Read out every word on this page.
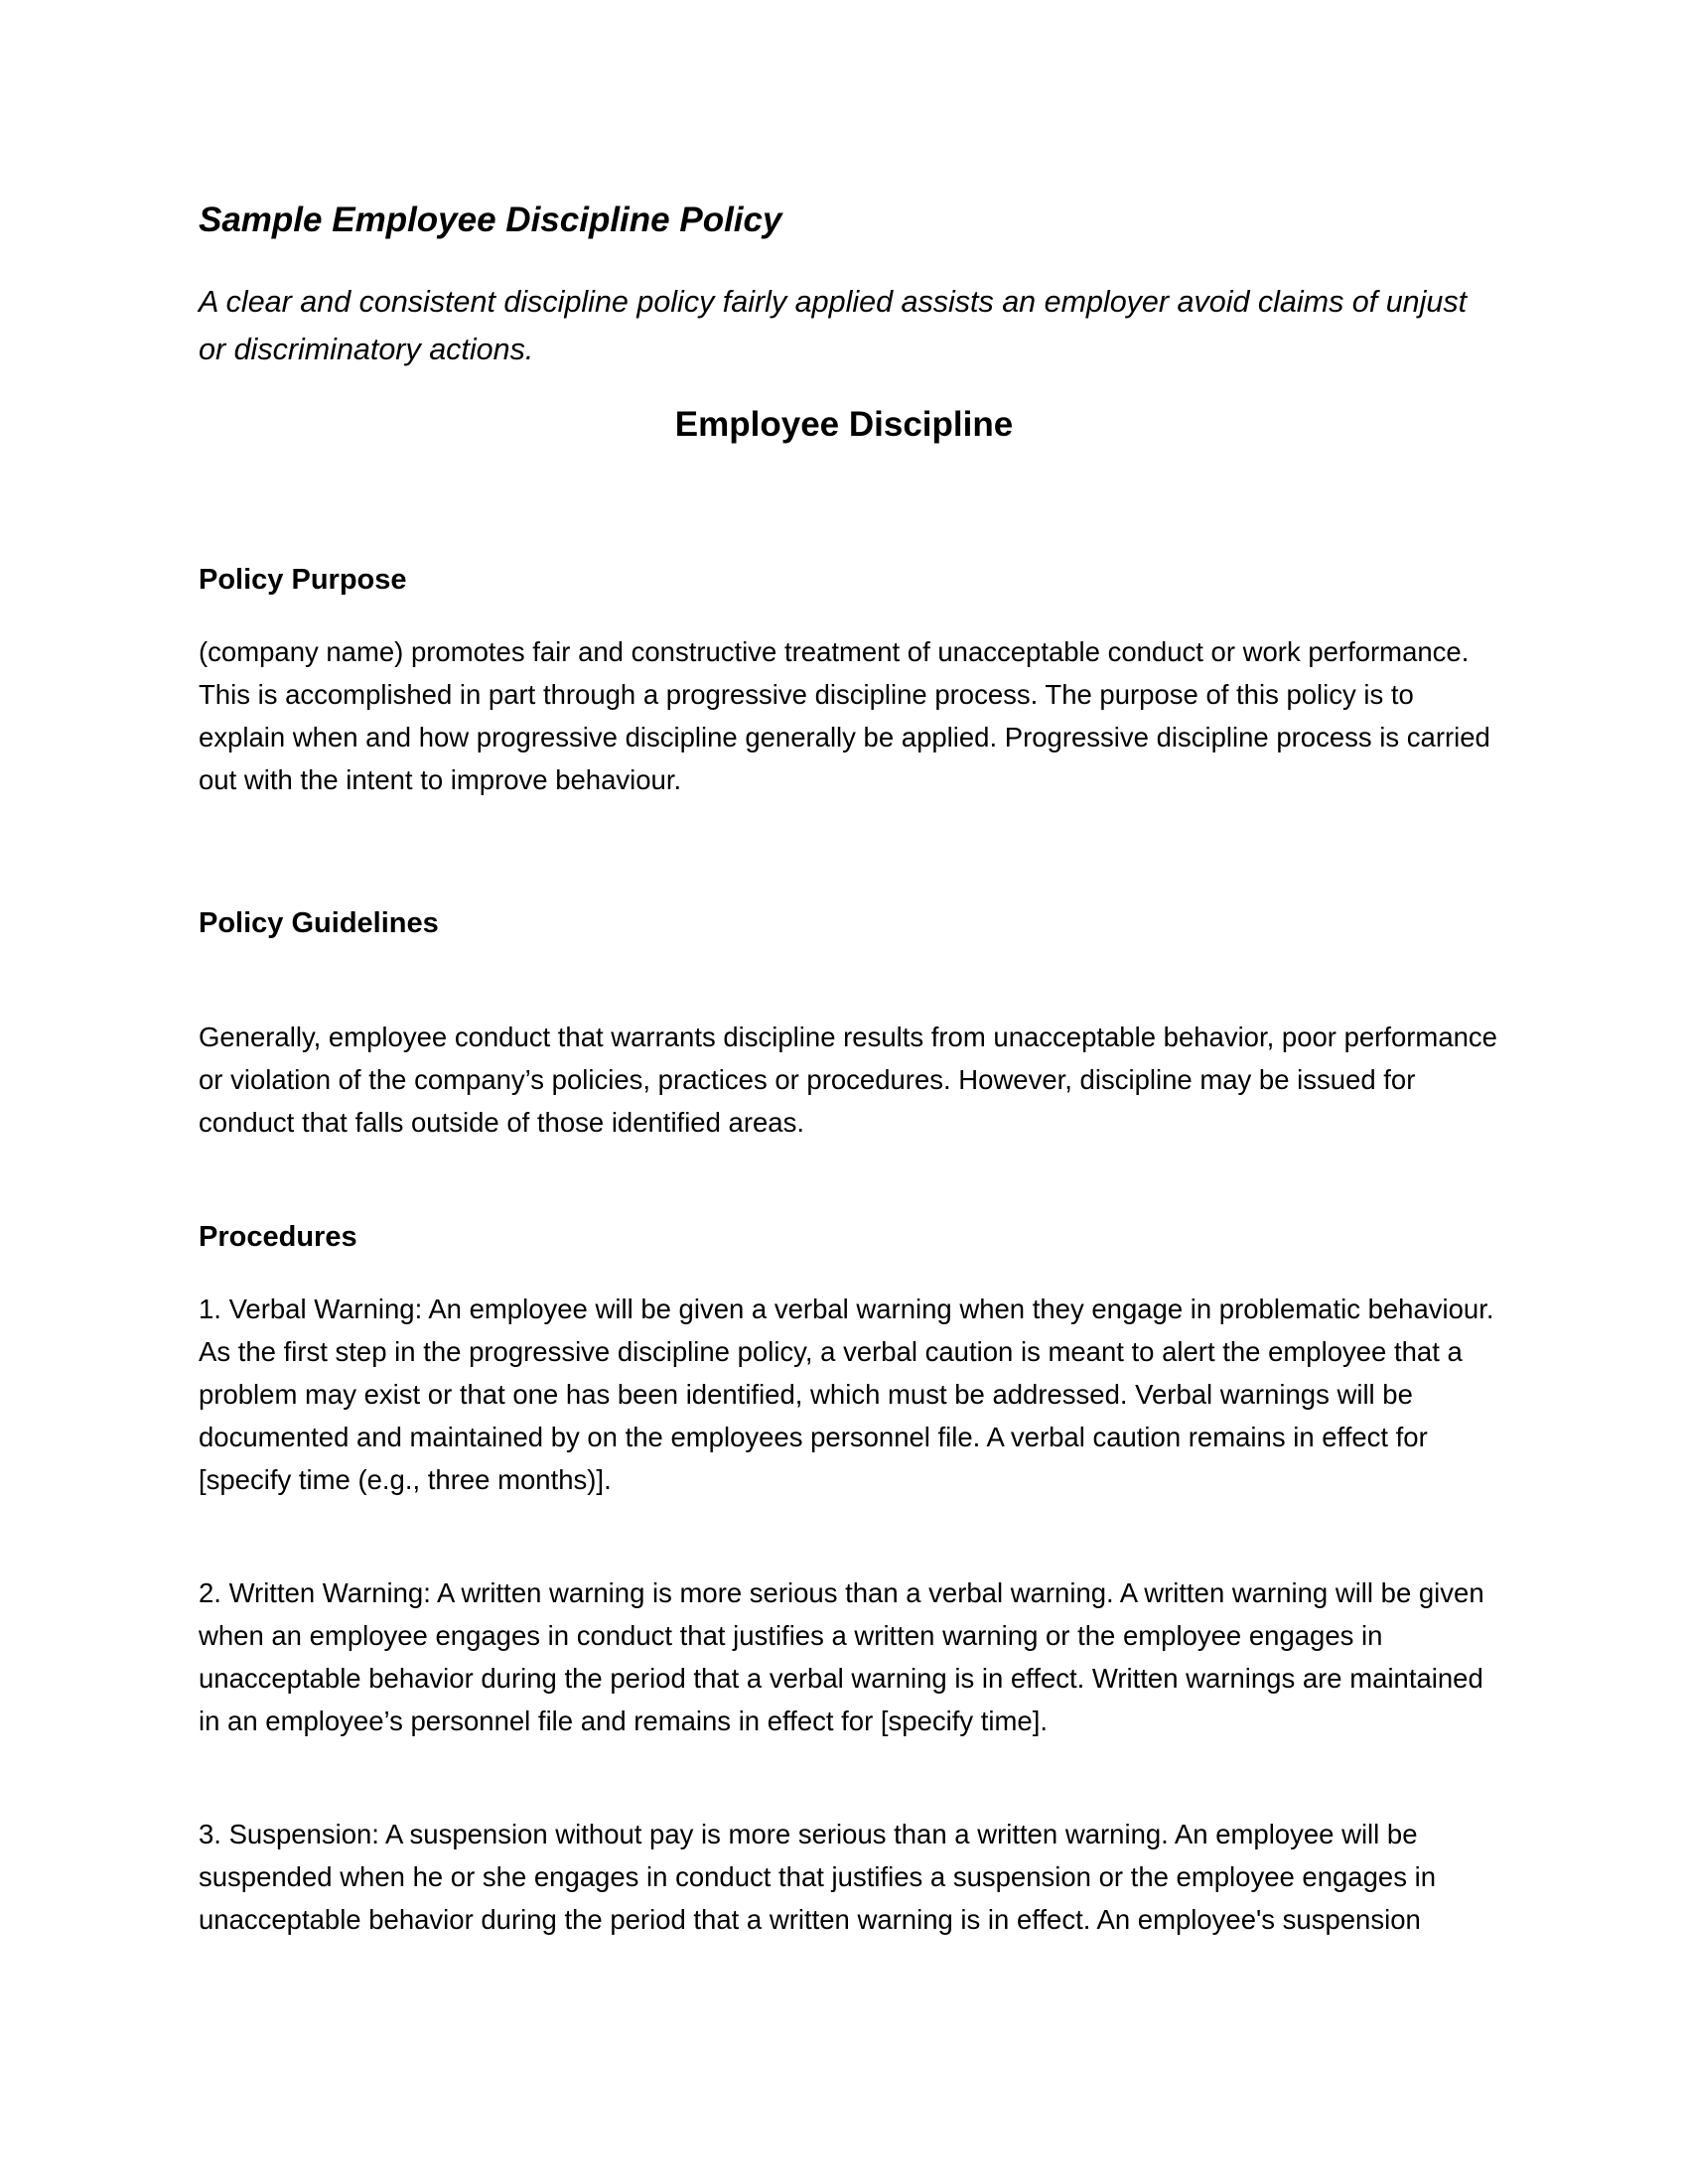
Sample Employee Discipline Policy

A clear and consistent discipline policy fairly applied assists an employer avoid claims of unjust or discriminatory actions.

Employee Discipline
Policy Purpose

(company name) promotes fair and constructive treatment of unacceptable conduct or work performance. This is accomplished in part through a progressive discipline process. The purpose of this policy is to explain when and how progressive discipline generally be applied. Progressive discipline process is carried out with the intent to improve behaviour.

Policy Guidelines

Generally, employee conduct that warrants discipline results from unacceptable behavior, poor performance or violation of the company’s policies, practices or procedures. However, discipline may be issued for conduct that falls outside of those identified areas.

Procedures

1. Verbal Warning: An employee will be given a verbal warning when they engage in problematic behaviour. As the first step in the progressive discipline policy, a verbal caution is meant to alert the employee that a problem may exist or that one has been identified, which must be addressed. Verbal warnings will be documented and maintained by on the employees personnel file. A verbal caution remains in effect for [specify time (e.g., three months)].

2. Written Warning: A written warning is more serious than a verbal warning. A written warning will be given when an employee engages in conduct that justifies a written warning or the employee engages in unacceptable behavior during the period that a verbal warning is in effect. Written warnings are maintained in an employee’s personnel file and remains in effect for [specify time].

3. Suspension: A suspension without pay is more serious than a written warning. An employee will be suspended when he or she engages in conduct that justifies a suspension or the employee engages in unacceptable behavior during the period that a written warning is in effect. An employee's suspension
